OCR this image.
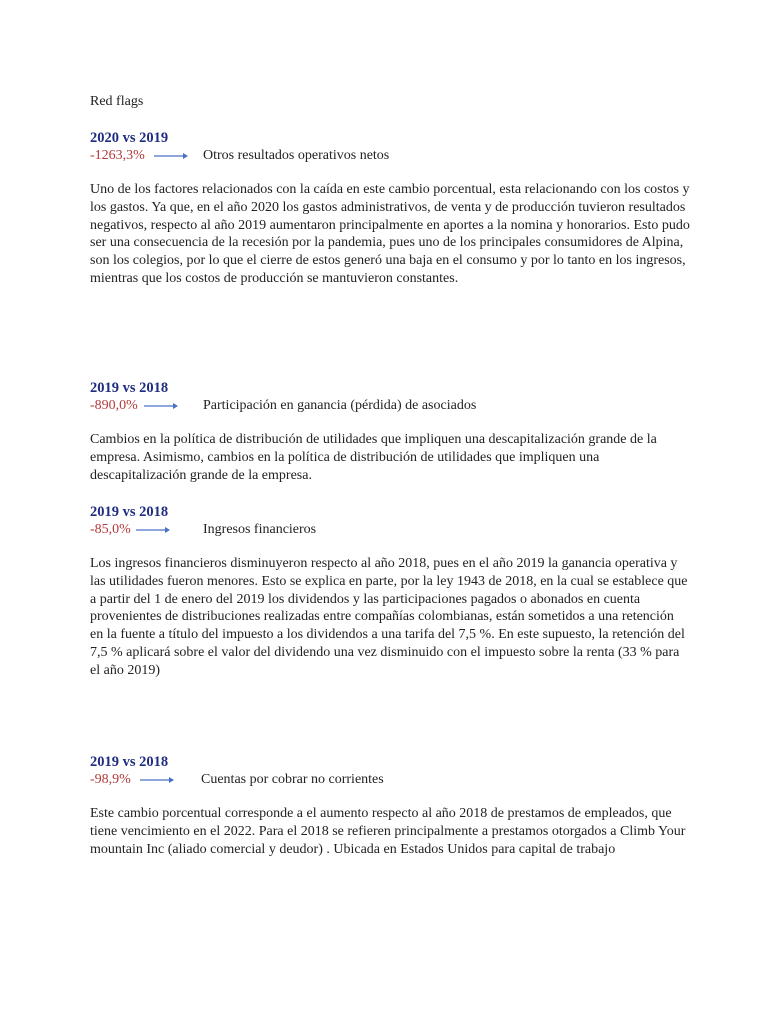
Red flags
2020 vs 2019
-1263,3%	Otros resultados operativos netos
Uno de los factores relacionados con la caída en este cambio porcentual, esta relacionando con los costos y los gastos. Ya que, en el año 2020 los gastos administrativos, de venta y de producción tuvieron resultados negativos, respecto al año 2019 aumentaron principalmente en aportes a la nomina y honorarios. Esto pudo ser una consecuencia de la recesión por la pandemia, pues uno de los principales consumidores de Alpina, son los colegios, por lo que el cierre de estos generó una baja en el consumo y por lo tanto en los ingresos, mientras que los costos de producción se mantuvieron constantes.
2019 vs 2018
-890,0%	Participación en ganancia (pérdida) de asociados
Cambios en la política de distribución de utilidades que impliquen una descapitalización grande de la empresa. Asimismo, cambios en la política de distribución de utilidades que impliquen una descapitalización grande de la empresa.
2019 vs 2018
-85,0%	Ingresos financieros
Los ingresos financieros disminuyeron respecto al año 2018, pues en el año 2019 la ganancia operativa y las utilidades fueron menores. Esto se explica en parte, por la ley 1943 de 2018, en la cual se establece que a partir del 1 de enero del 2019 los dividendos y las participaciones pagados o abonados en cuenta provenientes de distribuciones realizadas entre compañías colombianas, están sometidos a una retención en la fuente a título del impuesto a los dividendos a una tarifa del 7,5 %. En este supuesto, la retención del 7,5 % aplicará sobre el valor del dividendo una vez disminuido con el impuesto sobre la renta (33 % para el año 2019)
2019 vs 2018
-98,9%	Cuentas por cobrar no corrientes
Este cambio porcentual corresponde a el aumento respecto al año 2018 de prestamos de empleados, que tiene vencimiento en el 2022. Para el 2018 se refieren principalmente a prestamos otorgados a Climb Your mountain Inc (aliado comercial y deudor) . Ubicada en Estados Unidos para capital de trabajo
